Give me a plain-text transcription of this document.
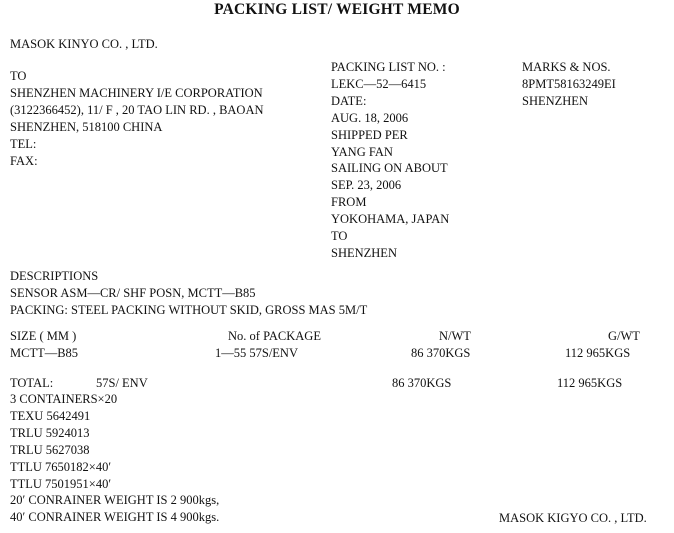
PACKING LIST/ WEIGHT MEMO
MASOK KINYO CO. , LTD.
TO
SHENZHEN MACHINERY I/E CORPORATION
(3122366452), 11/ F , 20 TAO LIN RD. , BAOAN
SHENZHEN, 518100 CHINA
TEL:
FAX:
PACKING LIST NO. :
LEKC—52—6415
DATE:
AUG. 18, 2006
SHIPPED PER
YANG FAN
SAILING ON ABOUT
SEP. 23, 2006
FROM
YOKOHAMA, JAPAN
TO
SHENZHEN
MARKS & NOS.
8PMT58163249EI
SHENZHEN
DESCRIPTIONS
SENSOR ASM—CR/ SHF POSN, MCTT—B85
PACKING: STEEL PACKING WITHOUT SKID, GROSS MAS 5M/T
SIZE ( MM )	No. of PACKAGE	N/WT	G/WT
MCTT—B85	1—55 57S/ENV	86 370KGS	112 965KGS
TOTAL:	57S/ ENV	86 370KGS	112 965KGS
3 CONTAINERS×20
TEXU 5642491
TRLU 5924013
TRLU 5627038
TTLU 7650182×40′
TTLU 7501951×40′
20′ CONRAINER WEIGHT IS 2 900kgs,
40′ CONRAINER WEIGHT IS 4 900kgs.	MASOK KIGYO CO. , LTD.
